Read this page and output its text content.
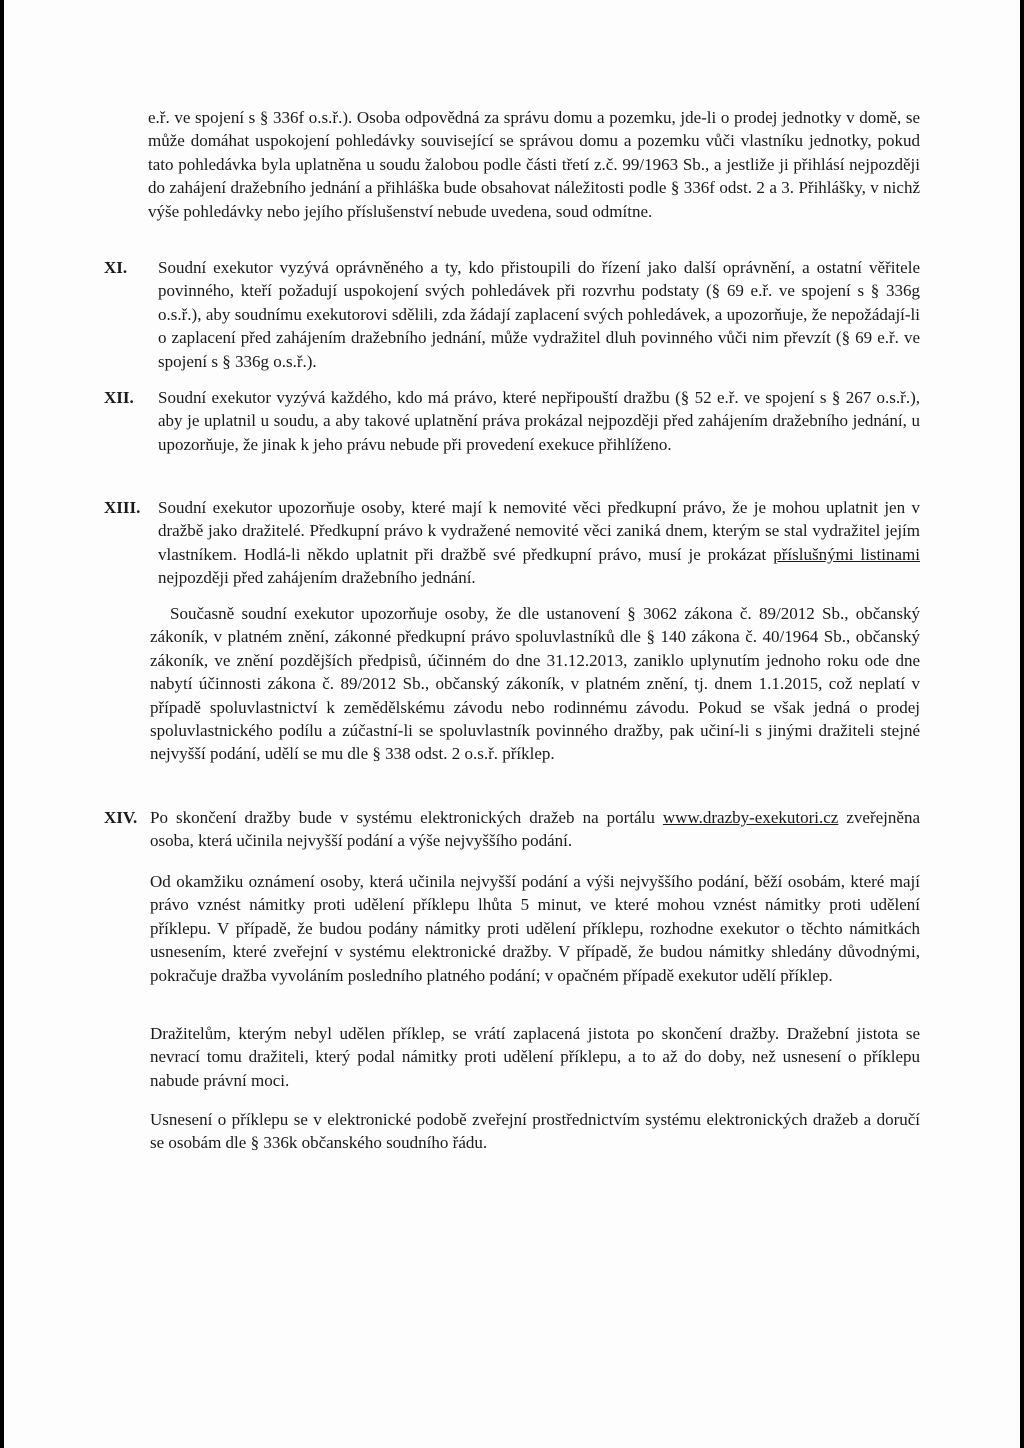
e.ř. ve spojení s § 336f o.s.ř.). Osoba odpovědná za správu domu a pozemku, jde-li o prodej jednotky v domě, se může domáhat uspokojení pohledávky související se správou domu a pozemku vůči vlastníku jednotky, pokud tato pohledávka byla uplatněna u soudu žalobou podle části třetí z.č. 99/1963 Sb., a jestliže ji přihlásí nejpozději do zahájení dražebního jednání a přihláška bude obsahovat náležitosti podle § 336f odst. 2 a 3. Přihlášky, v nichž výše pohledávky nebo jejího příslušenství nebude uvedena, soud odmítne.

XI. Soudní exekutor vyzývá oprávněného a ty, kdo přistoupili do řízení jako další oprávnění, a ostatní věřitele povinného, kteří požadují uspokojení svých pohledávek při rozvrhu podstaty (§ 69 e.ř. ve spojení s § 336g o.s.ř.), aby soudnímu exekutorovi sdělili, zda žádají zaplacení svých pohledávek, a upozorňuje, že nepožádají-li o zaplacení před zahájením dražebního jednání, může vydražitel dluh povinného vůči nim převzít (§ 69 e.ř. ve spojení s § 336g o.s.ř.).

XII. Soudní exekutor vyzývá každého, kdo má právo, které nepřipouští dražbu (§ 52 e.ř. ve spojení s § 267 o.s.ř.), aby je uplatnil u soudu, a aby takové uplatnění práva prokázal nejpozději před zahájením dražebního jednání, u upozorňuje, že jinak k jeho právu nebude při provedení exekuce přihlíženo.

XIII. Soudní exekutor upozorňuje osoby, které mají k nemovité věci předkupní právo, že je mohou uplatnit jen v dražbě jako dražitelé. Předkupní právo k vydražené nemovité věci zaniká dnem, kterým se stal vydražitel jejím vlastníkem. Hodlá-li někdo uplatnit při dražbě své předkupní právo, musí je prokázat příslušnými listinami nejpozději před zahájením dražebního jednání.

Současně soudní exekutor upozorňuje osoby, že dle ustanovení § 3062 zákona č. 89/2012 Sb., občanský zákoník, v platném znění, zákonné předkupní právo spoluvlastníků dle § 140 zákona č. 40/1964 Sb., občanský zákoník, ve znění pozdějších předpisů, účinném do dne 31.12.2013, zaniklo uplynutím jednoho roku ode dne nabytí účinnosti zákona č. 89/2012 Sb., občanský zákoník, v platném znění, tj. dnem 1.1.2015, což neplatí v případě spoluvlastnictví k zemědělskému závodu nebo rodinnému závodu. Pokud se však jedná o prodej spoluvlastnického podílu a zúčastní-li se spoluvlastník povinného dražby, pak učiní-li s jinými dražiteli stejné nejvyšší podání, udělí se mu dle § 338 odst. 2 o.s.ř. příklep.

XIV. Po skončení dražby bude v systému elektronických dražeb na portálu www.drazby-exekutori.cz zveřejněna osoba, která učinila nejvyšší podání a výše nejvyššího podání.

Od okamžiku oznámení osoby, která učinila nejvyšší podání a výši nejvyššího podání, běží osobám, které mají právo vznést námitky proti udělení příklepu lhůta 5 minut, ve které mohou vznést námitky proti udělení příklepu. V případě, že budou podány námitky proti udělení příklepu, rozhodne exekutor o těchto námitkách usnesením, které zveřejní v systému elektronické dražby. V případě, že budou námitky shledány důvodnými, pokračuje dražba vyvoláním posledního platného podání; v opačném případě exekutor udělí příklep.

Dražitelům, kterým nebyl udělen příklep, se vrátí zaplacená jistota po skončení dražby. Dražební jistota se nevrací tomu dražiteli, který podal námitky proti udělení příklepu, a to až do doby, než usnesení o příklepu nabude právní moci.

Usnesení o příklepu se v elektronické podobě zveřejní prostřednictvím systému elektronických dražeb a doručí se osobám dle § 336k občanského soudního řádu.
